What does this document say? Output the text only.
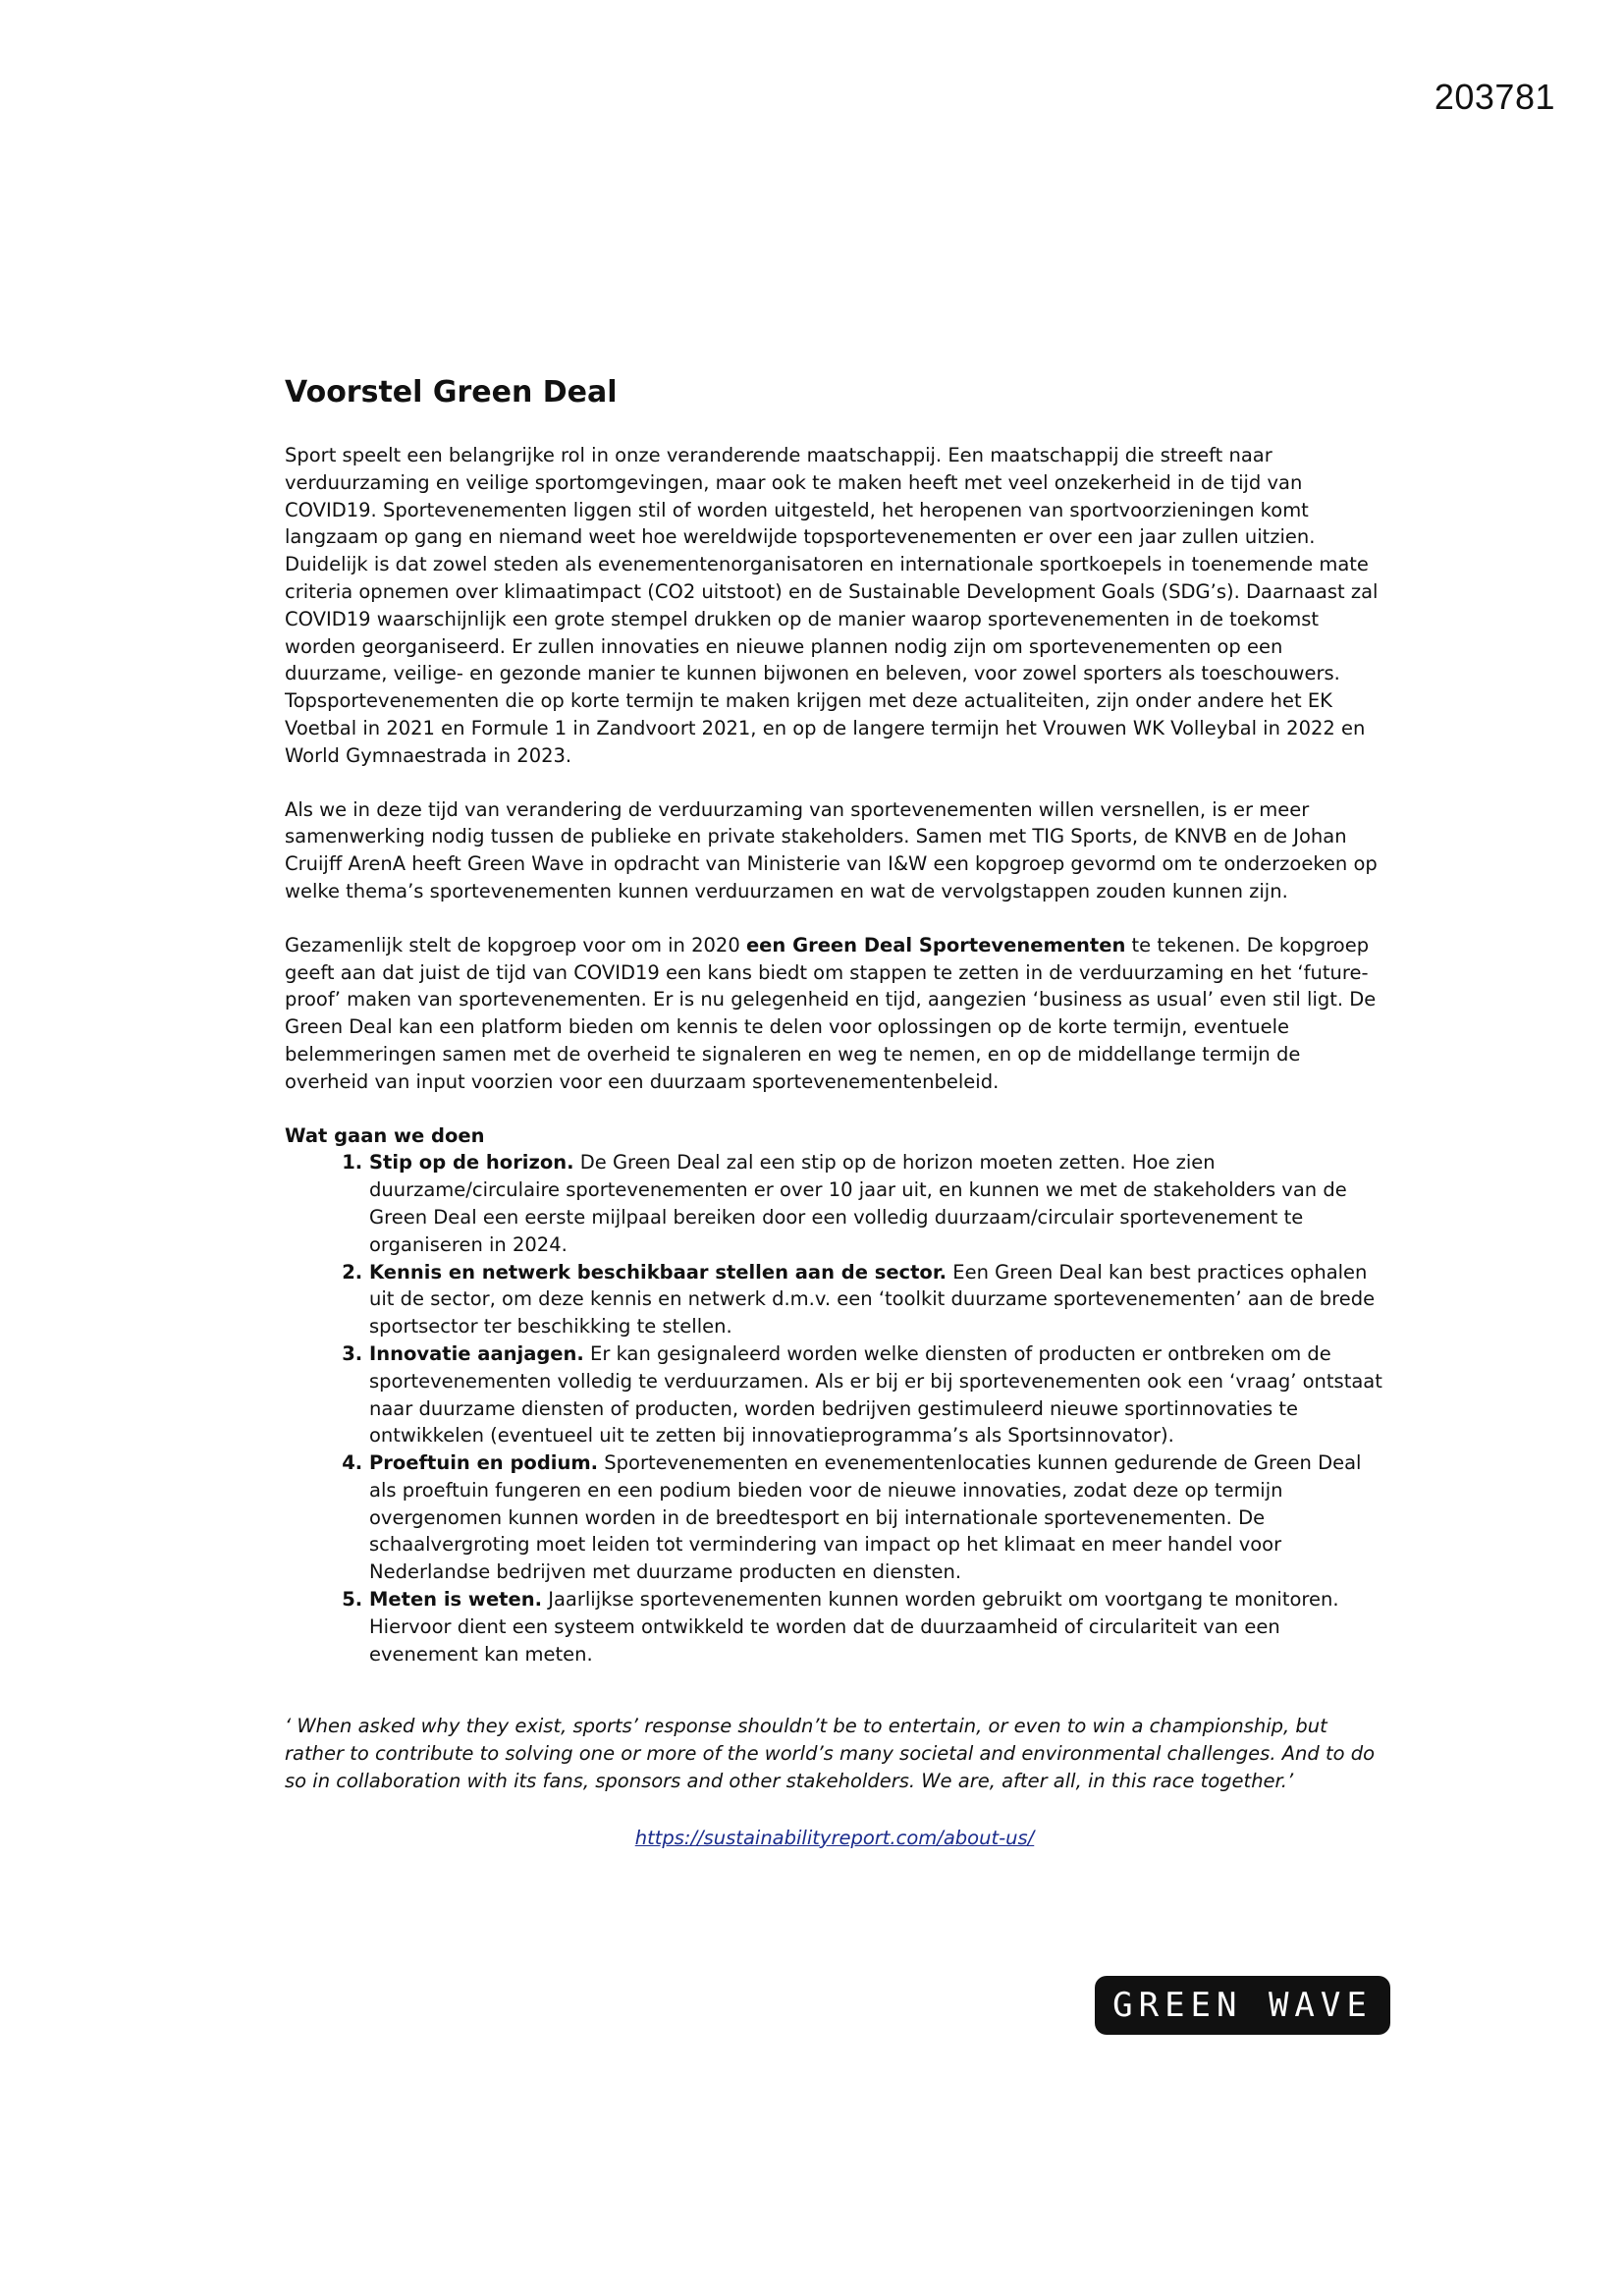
203781
Voorstel Green Deal

Sport speelt een belangrijke rol in onze veranderende maatschappij. Een maatschappij die streeft naar verduurzaming en veilige sportomgevingen, maar ook te maken heeft met veel onzekerheid in de tijd van COVID19. Sportevenementen liggen stil of worden uitgesteld, het heropenen van sportvoorzieningen komt langzaam op gang en niemand weet hoe wereldwijde topsportevenementen er over een jaar zullen uitzien. Duidelijk is dat zowel steden als evenementenorganisatoren en internationale sportkoepels in toenemende mate criteria opnemen over klimaatimpact (CO2 uitstoot) en de Sustainable Development Goals (SDG’s). Daarnaast zal COVID19 waarschijnlijk een grote stempel drukken op de manier waarop sportevenementen in de toekomst worden georganiseerd. Er zullen innovaties en nieuwe plannen nodig zijn om sportevenementen op een duurzame, veilige- en gezonde manier te kunnen bijwonen en beleven, voor zowel sporters als toeschouwers. Topsportevenementen die op korte termijn te maken krijgen met deze actualiteiten, zijn onder andere het EK Voetbal in 2021 en Formule 1 in Zandvoort 2021, en op de langere termijn het Vrouwen WK Volleybal in 2022 en World Gymnaestrada in 2023.

Als we in deze tijd van verandering de verduurzaming van sportevenementen willen versnellen, is er meer samenwerking nodig tussen de publieke en private stakeholders. Samen met TIG Sports, de KNVB en de Johan Cruijff ArenA heeft Green Wave in opdracht van Ministerie van I&W een kopgroep gevormd om te onderzoeken op welke thema’s sportevenementen kunnen verduurzamen en wat de vervolgstappen zouden kunnen zijn.

Gezamenlijk stelt de kopgroep voor om in 2020 een Green Deal Sportevenementen te tekenen. De kopgroep geeft aan dat juist de tijd van COVID19 een kans biedt om stappen te zetten in de verduurzaming en het ‘future-proof’ maken van sportevenementen. Er is nu gelegenheid en tijd, aangezien ‘business as usual’ even stil ligt. De Green Deal kan een platform bieden om kennis te delen voor oplossingen op de korte termijn, eventuele belemmeringen samen met de overheid te signaleren en weg te nemen, en op de middellange termijn de overheid van input voorzien voor een duurzaam sportevenementenbeleid.

Wat gaan we doen
1. Stip op de horizon. De Green Deal zal een stip op de horizon moeten zetten. Hoe zien duurzame/circulaire sportevenementen er over 10 jaar uit, en kunnen we met de stakeholders van de Green Deal een eerste mijlpaal bereiken door een volledig duurzaam/circulair sportevenement te organiseren in 2024.
2. Kennis en netwerk beschikbaar stellen aan de sector. Een Green Deal kan best practices ophalen uit de sector, om deze kennis en netwerk d.m.v. een ‘toolkit duurzame sportevenementen’ aan de brede sportsector ter beschikking te stellen.
3. Innovatie aanjagen. Er kan gesignaleerd worden welke diensten of producten er ontbreken om de sportevenementen volledig te verduurzamen. Als er bij er bij sportevenementen ook een ‘vraag’ ontstaat naar duurzame diensten of producten, worden bedrijven gestimuleerd nieuwe sportinnovaties te ontwikkelen (eventueel uit te zetten bij innovatieprogramma’s als Sportsinnovator).
4. Proeftuin en podium. Sportevenementen en evenementenlocaties kunnen gedurende de Green Deal als proeftuin fungeren en een podium bieden voor de nieuwe innovaties, zodat deze op termijn overgenomen kunnen worden in de breedtesport en bij internationale sportevenementen. De schaalvergroting moet leiden tot vermindering van impact op het klimaat en meer handel voor Nederlandse bedrijven met duurzame producten en diensten.
5. Meten is weten. Jaarlijkse sportevenementen kunnen worden gebruikt om voortgang te monitoren. Hiervoor dient een systeem ontwikkeld te worden dat de duurzaamheid of circulariteit van een evenement kan meten.
‘ When asked why they exist, sports’ response shouldn’t be to entertain, or even to win a championship, but rather to contribute to solving one or more of the world’s many societal and environmental challenges. And to do so in collaboration with its fans, sponsors and other stakeholders. We are, after all, in this race together.’
https://sustainabilityreport.com/about-us/
GREEN WAVE
